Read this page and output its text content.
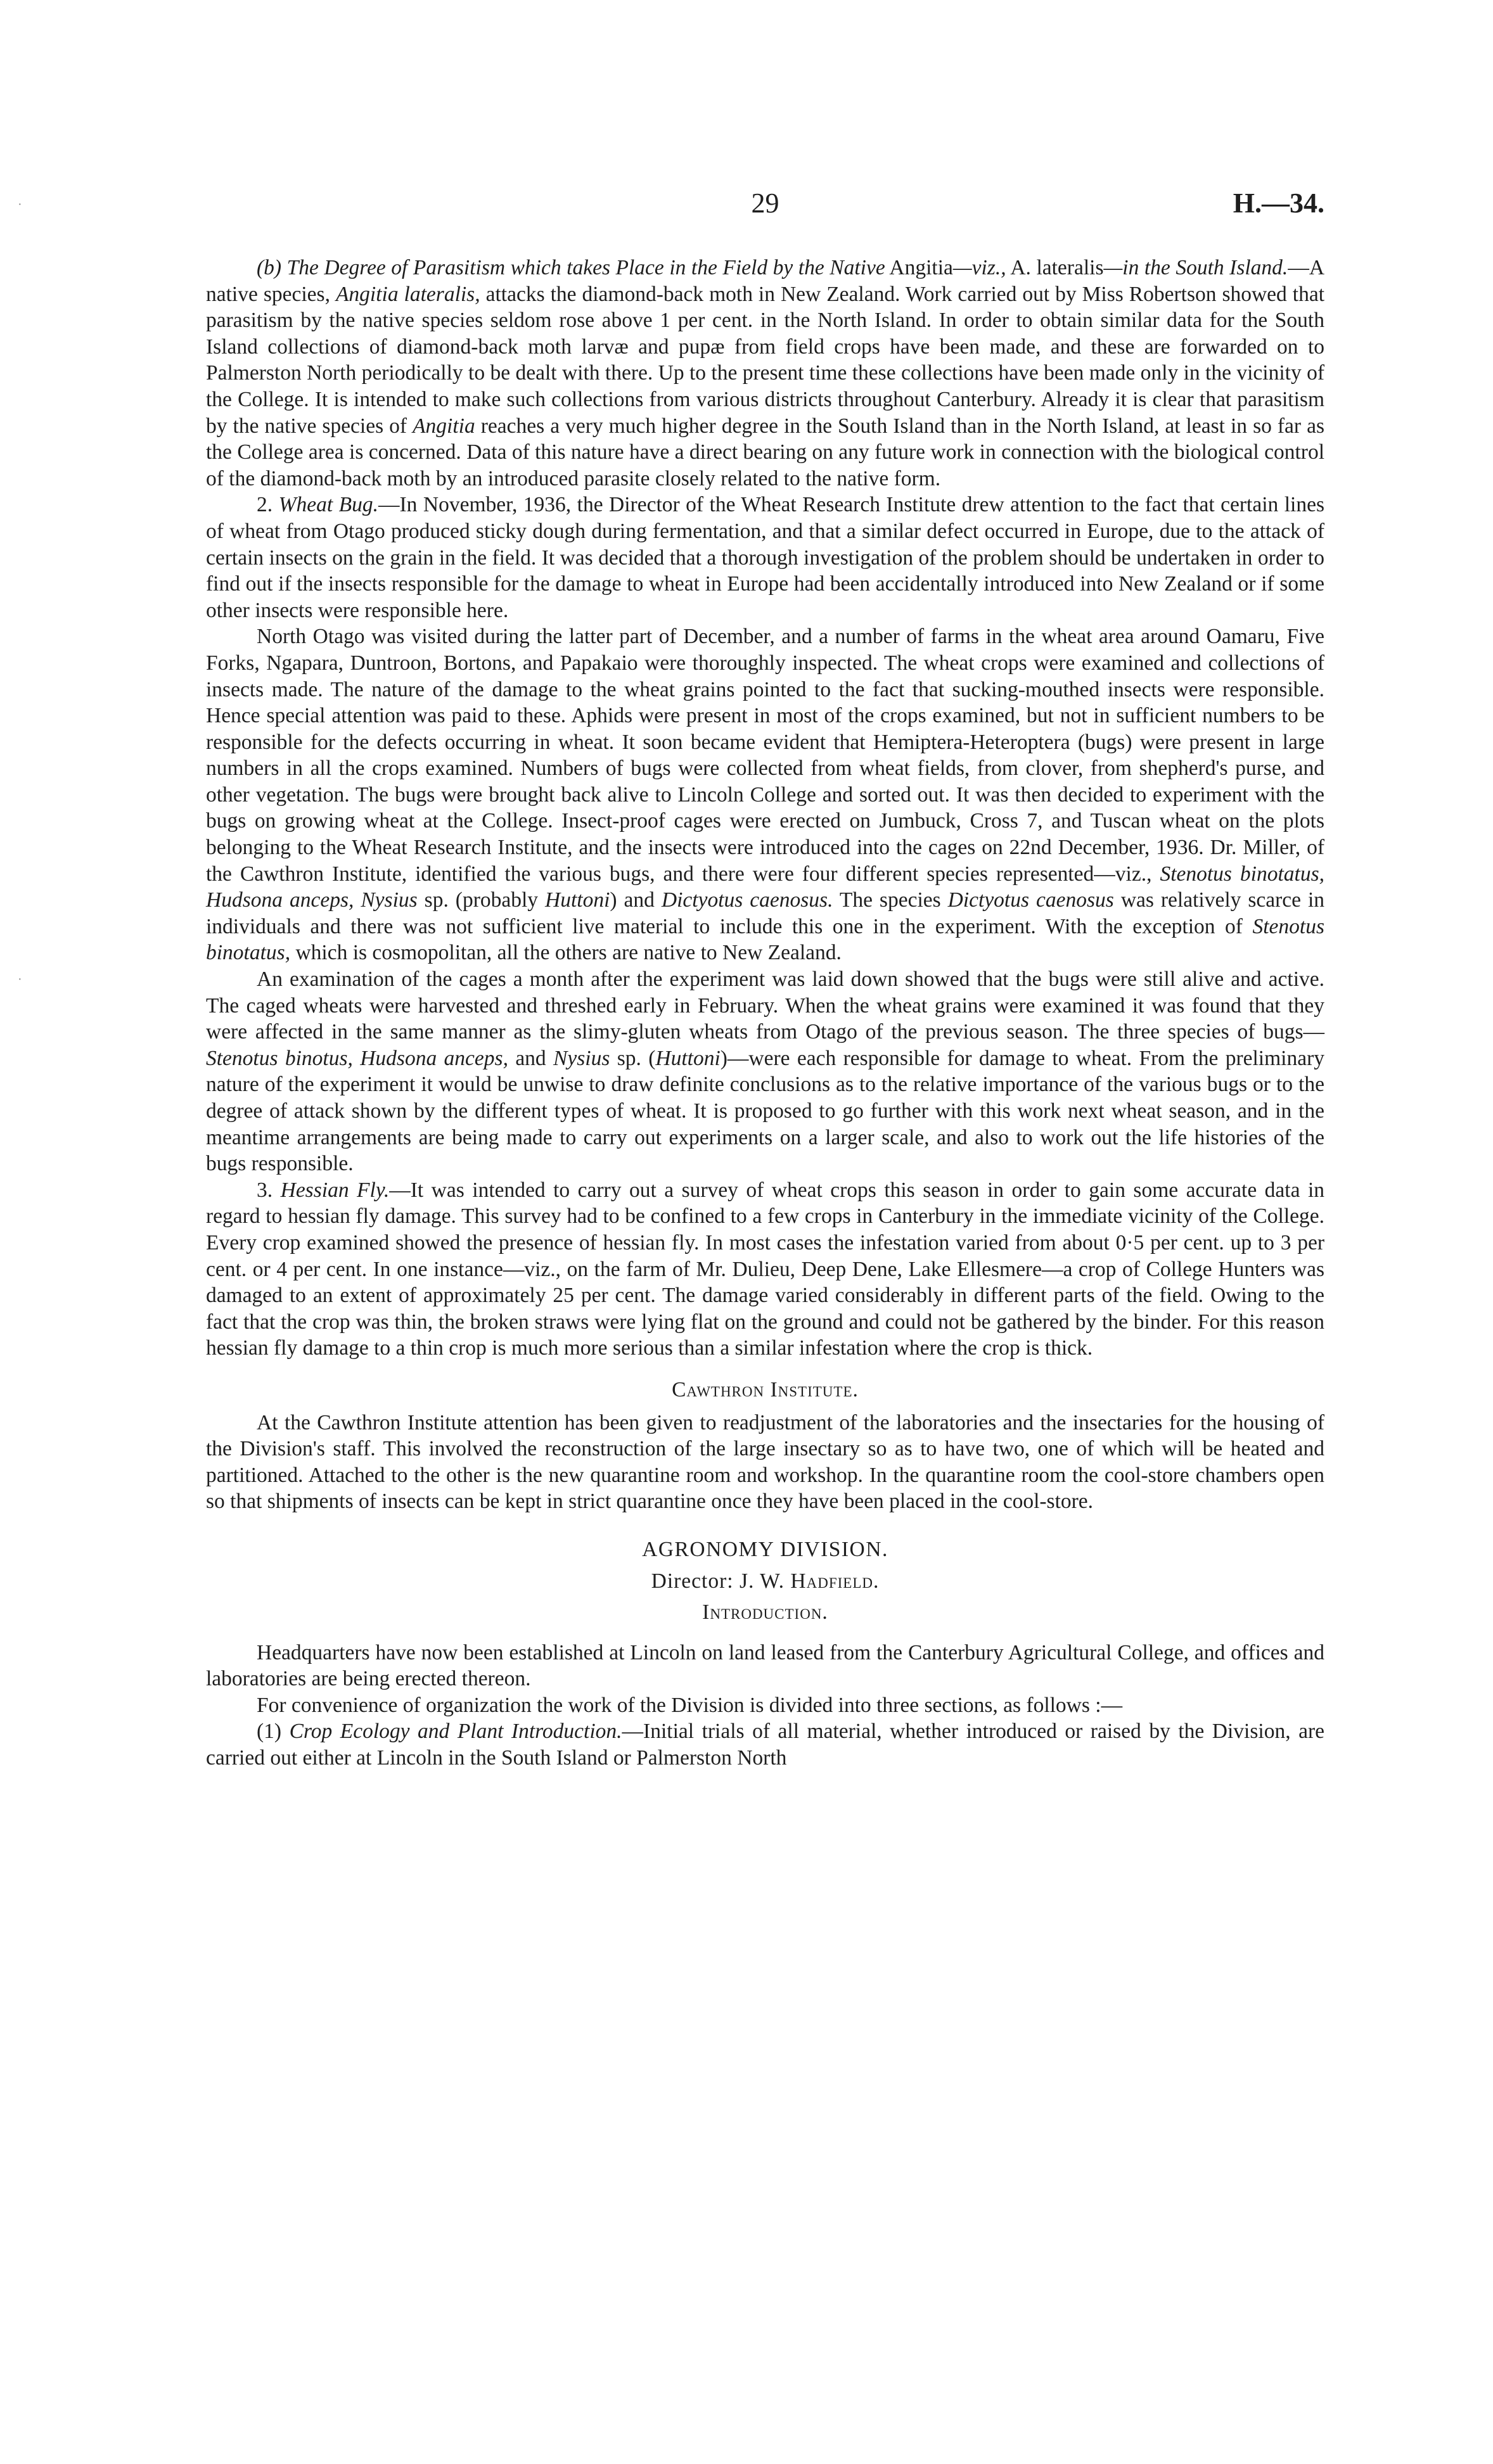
·
·
29	H.—34.

(b) The Degree of Parasitism which takes Place in the Field by the Native Angitia—viz., A. lateralis—in the South Island.—A native species, Angitia lateralis, attacks the diamond-back moth in New Zealand. Work carried out by Miss Robertson showed that parasitism by the native species seldom rose above 1 per cent. in the North Island. In order to obtain similar data for the South Island collections of diamond-back moth larvæ and pupæ from field crops have been made, and these are forwarded on to Palmerston North periodically to be dealt with there. Up to the present time these collections have been made only in the vicinity of the College. It is intended to make such collections from various districts throughout Canterbury. Already it is clear that parasitism by the native species of Angitia reaches a very much higher degree in the South Island than in the North Island, at least in so far as the College area is concerned. Data of this nature have a direct bearing on any future work in connection with the biological control of the diamond-back moth by an introduced parasite closely related to the native form.

2. Wheat Bug.—In November, 1936, the Director of the Wheat Research Institute drew attention to the fact that certain lines of wheat from Otago produced sticky dough during fermentation, and that a similar defect occurred in Europe, due to the attack of certain insects on the grain in the field. It was decided that a thorough investigation of the problem should be undertaken in order to find out if the insects responsible for the damage to wheat in Europe had been accidentally introduced into New Zealand or if some other insects were responsible here.

North Otago was visited during the latter part of December, and a number of farms in the wheat area around Oamaru, Five Forks, Ngapara, Duntroon, Bortons, and Papakaio were thoroughly inspected. The wheat crops were examined and collections of insects made. The nature of the damage to the wheat grains pointed to the fact that sucking-mouthed insects were responsible. Hence special attention was paid to these. Aphids were present in most of the crops examined, but not in sufficient numbers to be responsible for the defects occurring in wheat. It soon became evident that Hemiptera-Heteroptera (bugs) were present in large numbers in all the crops examined. Numbers of bugs were collected from wheat fields, from clover, from shepherd's purse, and other vegetation. The bugs were brought back alive to Lincoln College and sorted out. It was then decided to experiment with the bugs on growing wheat at the College. Insect-proof cages were erected on Jumbuck, Cross 7, and Tuscan wheat on the plots belonging to the Wheat Research Institute, and the insects were introduced into the cages on 22nd December, 1936. Dr. Miller, of the Cawthron Institute, identified the various bugs, and there were four different species represented—viz., Stenotus binotatus, Hudsona anceps, Nysius sp. (probably Huttoni) and Dictyotus caenosus. The species Dictyotus caenosus was relatively scarce in individuals and there was not sufficient live material to include this one in the experiment. With the exception of Stenotus binotatus, which is cosmopolitan, all the others are native to New Zealand.

An examination of the cages a month after the experiment was laid down showed that the bugs were still alive and active. The caged wheats were harvested and threshed early in February. When the wheat grains were examined it was found that they were affected in the same manner as the slimy-gluten wheats from Otago of the previous season. The three species of bugs—Stenotus binotus, Hudsona anceps, and Nysius sp. (Huttoni)—were each responsible for damage to wheat. From the preliminary nature of the experiment it would be unwise to draw definite conclusions as to the relative importance of the various bugs or to the degree of attack shown by the different types of wheat. It is proposed to go further with this work next wheat season, and in the meantime arrangements are being made to carry out experiments on a larger scale, and also to work out the life histories of the bugs responsible.

3. Hessian Fly.—It was intended to carry out a survey of wheat crops this season in order to gain some accurate data in regard to hessian fly damage. This survey had to be confined to a few crops in Canterbury in the immediate vicinity of the College. Every crop examined showed the presence of hessian fly. In most cases the infestation varied from about 0·5 per cent. up to 3 per cent. or 4 per cent. In one instance—viz., on the farm of Mr. Dulieu, Deep Dene, Lake Ellesmere—a crop of College Hunters was damaged to an extent of approximately 25 per cent. The damage varied considerably in different parts of the field. Owing to the fact that the crop was thin, the broken straws were lying flat on the ground and could not be gathered by the binder. For this reason hessian fly damage to a thin crop is much more serious than a similar infestation where the crop is thick.

Cawthron Institute.

At the Cawthron Institute attention has been given to readjustment of the laboratories and the insectaries for the housing of the Division's staff. This involved the reconstruction of the large insectary so as to have two, one of which will be heated and partitioned. Attached to the other is the new quarantine room and workshop. In the quarantine room the cool-store chambers open so that shipments of insects can be kept in strict quarantine once they have been placed in the cool-store.

AGRONOMY DIVISION.

Director: J. W. Hadfield.

Introduction.

Headquarters have now been established at Lincoln on land leased from the Canterbury Agricultural College, and offices and laboratories are being erected thereon.

For convenience of organization the work of the Division is divided into three sections, as follows :—

(1) Crop Ecology and Plant Introduction.—Initial trials of all material, whether introduced or raised by the Division, are carried out either at Lincoln in the South Island or Palmerston North
